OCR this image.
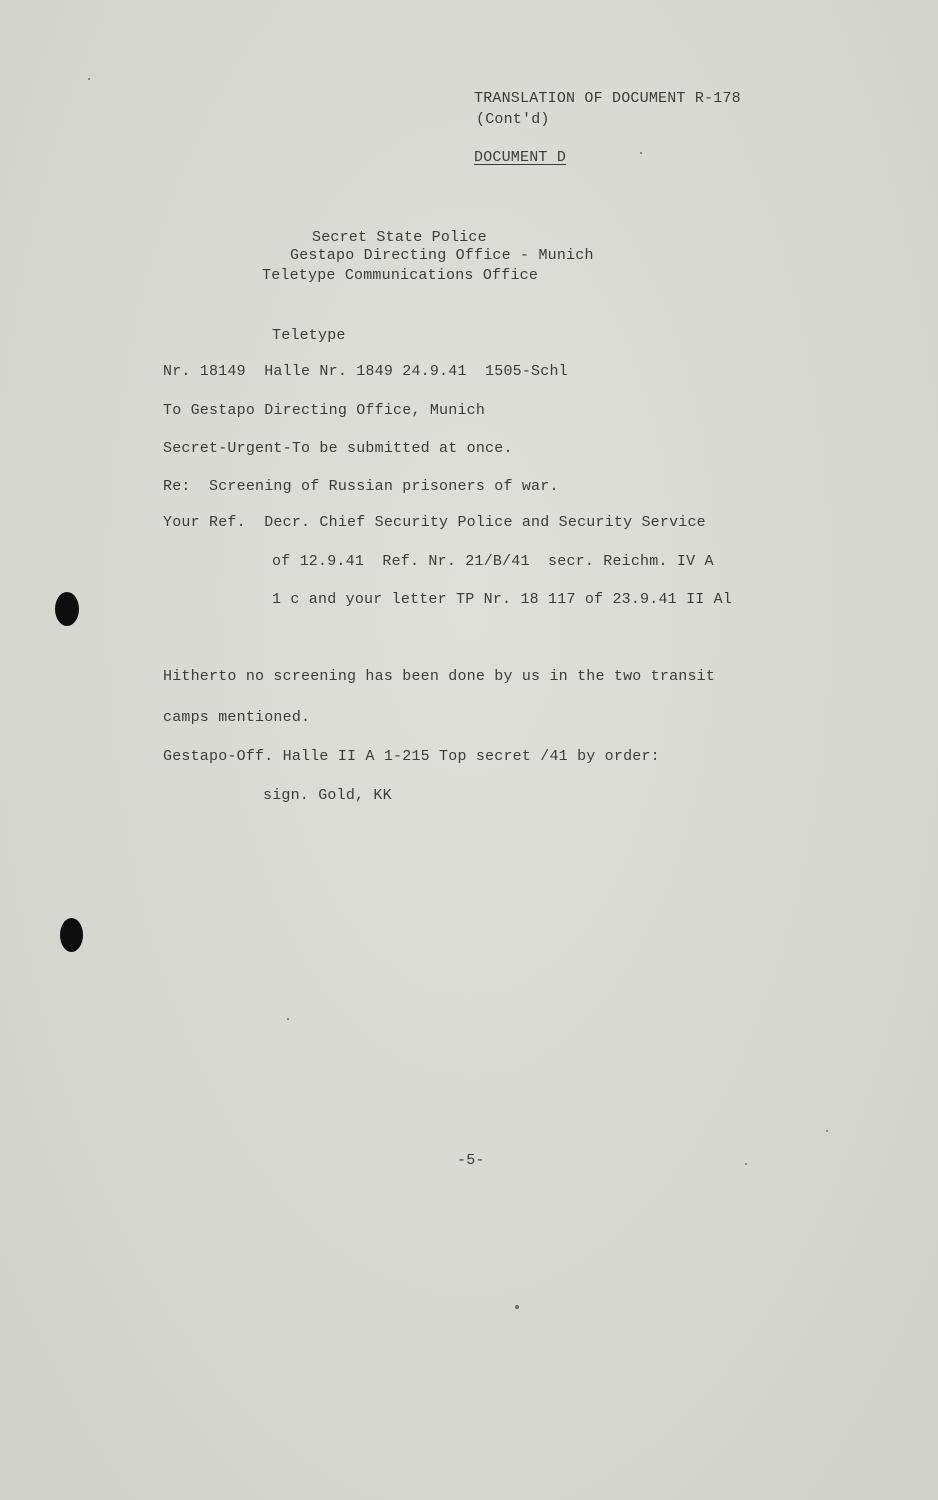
TRANSLATION OF DOCUMENT R-178
(Cont'd)
DOCUMENT D
Secret State Police
Gestapo Directing Office - Munich
Teletype Communications Office
Teletype
Nr. 18149  Halle Nr. 1849 24.9.41  1505-Schl
To Gestapo Directing Office, Munich
Secret-Urgent-To be submitted at once.
Re:  Screening of Russian prisoners of war.
Your Ref.  Decr. Chief Security Police and Security Service
of 12.9.41  Ref. Nr. 21/B/41  secr. Reichm. IV A
1 c and your letter TP Nr. 18 117 of 23.9.41 II Al
Hitherto no screening has been done by us in the two transit
camps mentioned.
Gestapo-Off. Halle II A 1-215 Top secret /41 by order:
sign. Gold, KK
-5-
